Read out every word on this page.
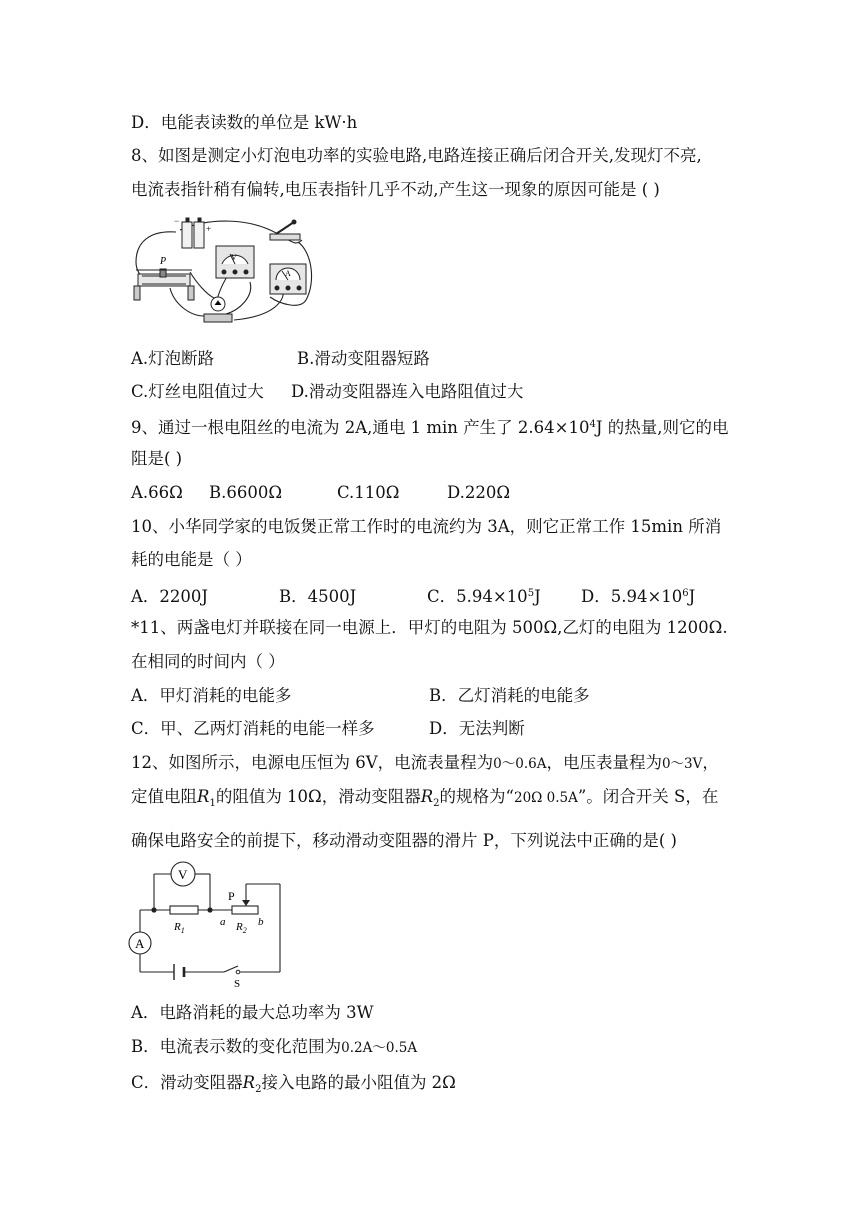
D．电能表读数的单位是 kW·h
8、如图是测定小灯泡电功率的实验电路,电路连接正确后闭合开关,发现灯不亮,
电流表指针稍有偏转,电压表指针几乎不动,产生这一现象的原因可能是 ( )
−
+
P	V
A
A.灯泡断路	B.滑动变阻器短路
C.灯丝电阻值过大 D.滑动变阻器连入电路阻值过大
9、通过一根电阻丝的电流为 2A,通电 1 min 产生了 $2.64\times 10^4J$ 的热量,则它的电
阻是( )
A.66Ω B.6600Ω	C.110Ω	D.220Ω
10、小华同学家的电饭煲正常工作时的电流约为 3A，则它正常工作 15min 所消
耗的电能是（ ）
A．2200J	B．4500J	C．$5.94\times 10^5J$ D．$5.94\times 10^6J$
*11、两盏电灯并联接在同一电源上．甲灯的电阻为 500Ω,乙灯的电阻为 1200Ω.
在相同的时间内（ ）
A．甲灯消耗的电能多	B．乙灯消耗的电能多
C．甲、乙两灯消耗的电能一样多	D．无法判断
12、如图所示，电源电压恒为 6V，电流表量程为0～0.6A，电压表量程为0～3V，
定值电阻$R_1$的阻值为 10Ω，滑动变阻器$R_2$的规格为“20Ω 0.5A”。闭合开关 S，在
确保电路安全的前提下，移动滑动变阻器的滑片 P，下列说法中正确的是( )
V
A
P
$R_1$
a $R_2$
b
S
A．电路消耗的最大总功率为 3W
B．电流表示数的变化范围为0.2A～0.5A
C．滑动变阻器$R_2$接入电路的最小阻值为 2Ω
